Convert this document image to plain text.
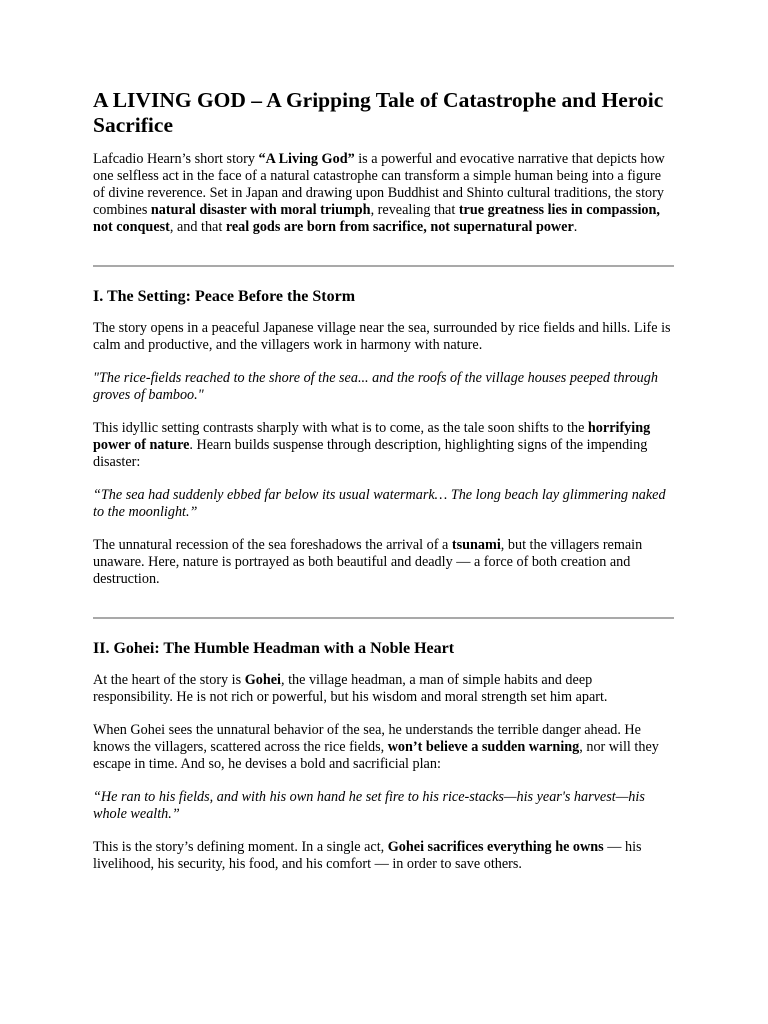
A LIVING GOD – A Gripping Tale of Catastrophe and Heroic Sacrifice

Lafcadio Hearn’s short story “A Living God” is a powerful and evocative narrative that depicts how one selfless act in the face of a natural catastrophe can transform a simple human being into a figure of divine reverence. Set in Japan and drawing upon Buddhist and Shinto cultural traditions, the story combines natural disaster with moral triumph, revealing that true greatness lies in compassion, not conquest, and that real gods are born from sacrifice, not supernatural power.

I. The Setting: Peace Before the Storm

The story opens in a peaceful Japanese village near the sea, surrounded by rice fields and hills. Life is calm and productive, and the villagers work in harmony with nature.

"The rice-fields reached to the shore of the sea... and the roofs of the village houses peeped through groves of bamboo."

This idyllic setting contrasts sharply with what is to come, as the tale soon shifts to the horrifying power of nature. Hearn builds suspense through description, highlighting signs of the impending disaster:

“The sea had suddenly ebbed far below its usual watermark… The long beach lay glimmering naked to the moonlight.”

The unnatural recession of the sea foreshadows the arrival of a tsunami, but the villagers remain unaware. Here, nature is portrayed as both beautiful and deadly — a force of both creation and destruction.

II. Gohei: The Humble Headman with a Noble Heart

At the heart of the story is Gohei, the village headman, a man of simple habits and deep responsibility. He is not rich or powerful, but his wisdom and moral strength set him apart.

When Gohei sees the unnatural behavior of the sea, he understands the terrible danger ahead. He knows the villagers, scattered across the rice fields, won’t believe a sudden warning, nor will they escape in time. And so, he devises a bold and sacrificial plan:

“He ran to his fields, and with his own hand he set fire to his rice-stacks—his year's harvest—his whole wealth.”

This is the story’s defining moment. In a single act, Gohei sacrifices everything he owns — his livelihood, his security, his food, and his comfort — in order to save others.
